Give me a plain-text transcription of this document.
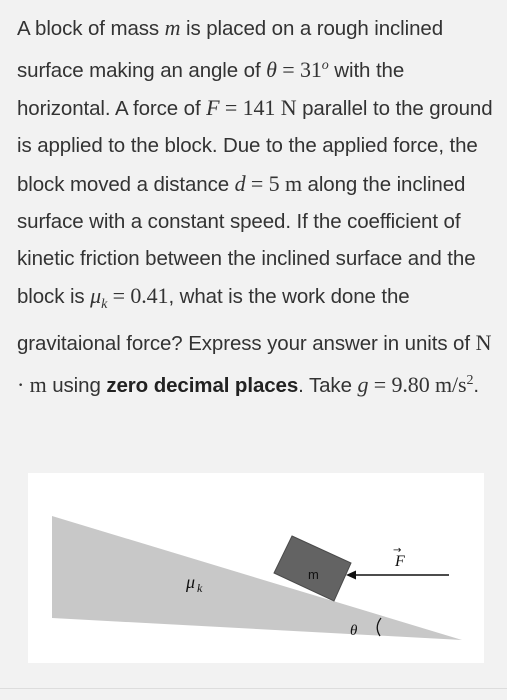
A block of mass m is placed on a rough inclined surface making an angle of $\theta = 31^o$ with the horizontal. A force of F = 141 N parallel to the ground is applied to the block. Due to the applied force, the block moved a distance d = 5 m along the inclined surface with a constant speed. If the coefficient of kinetic friction between the inclined surface and the block is $\mu_k = 0.41$, what is the work done the gravitaional force? Express your answer in units of N · m using zero decimal places. Take g = 9.80 $m/s^2$.
m
F
→
μ k
θ
